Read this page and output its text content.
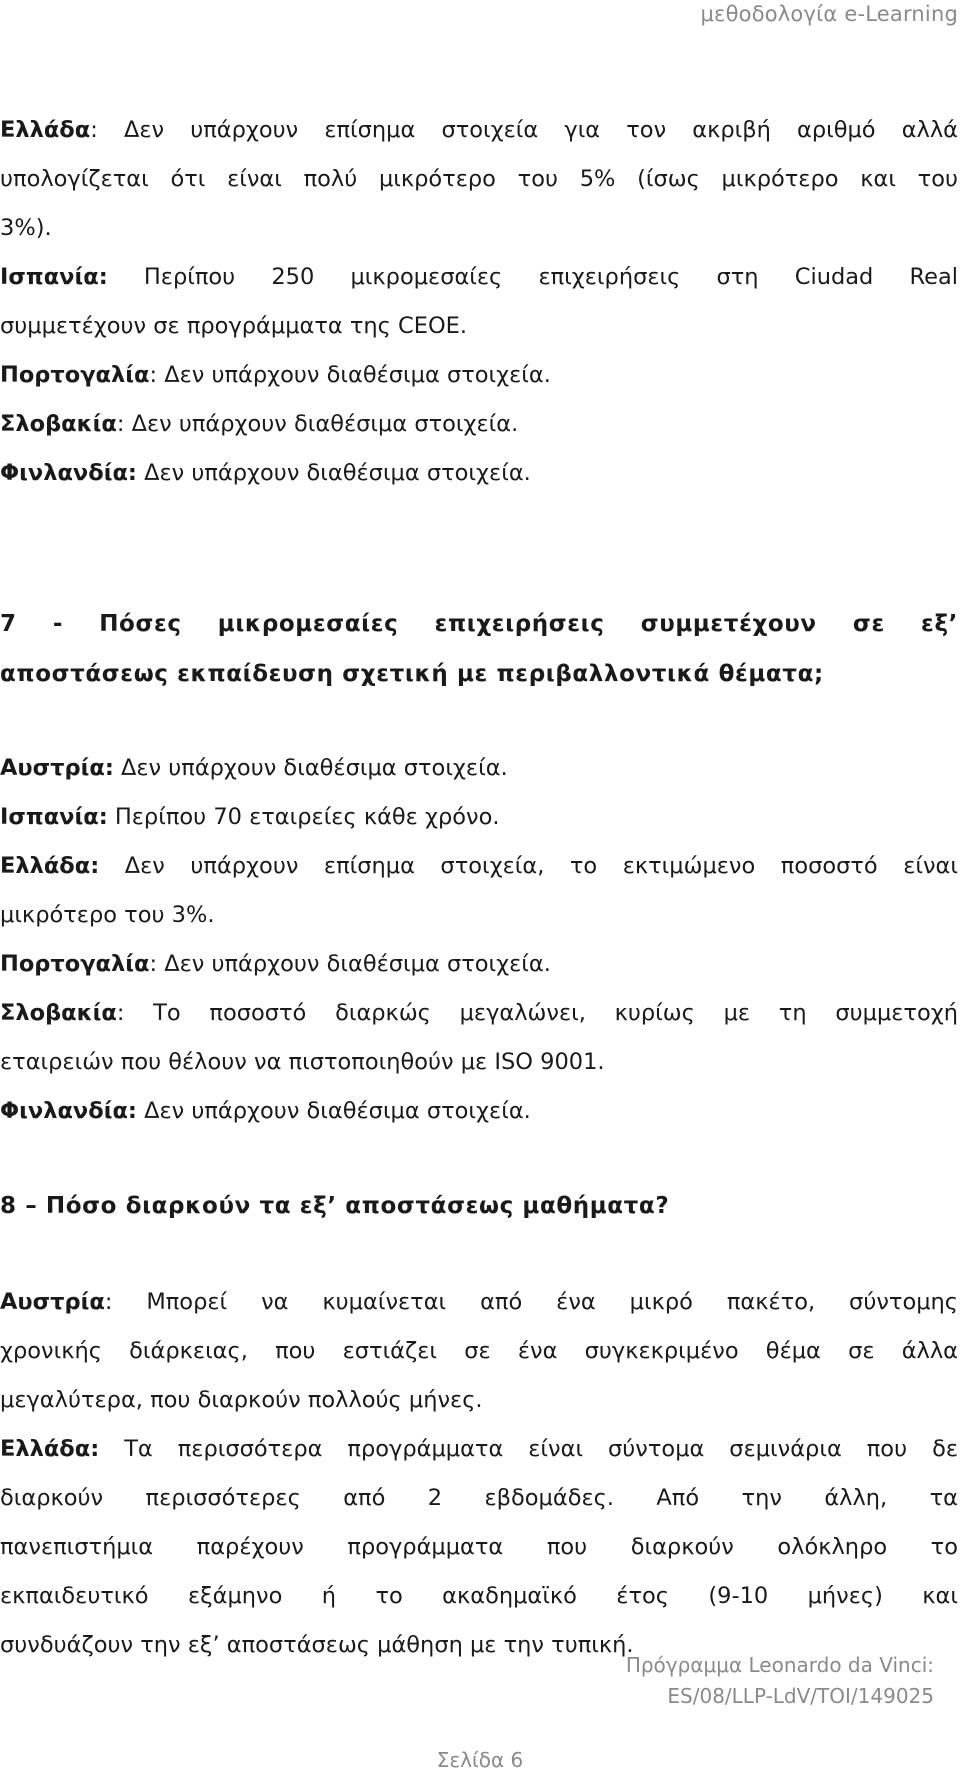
μεθοδολογία e-Learning
Ελλάδα: Δεν υπάρχουν επίσημα στοιχεία για τον ακριβή αριθμό αλλά
υπολογίζεται ότι είναι πολύ μικρότερο του 5% (ίσως μικρότερο και του
3%).
Ισπανία: Περίπου 250 μικρομεσαίες επιχειρήσεις στη Ciudad Real
συμμετέχουν σε προγράμματα της CEOE.
Πορτογαλία: Δεν υπάρχουν διαθέσιμα στοιχεία.
Σλοβακία: Δεν υπάρχουν διαθέσιμα στοιχεία.
Φινλανδία: Δεν υπάρχουν διαθέσιμα στοιχεία.
7 - Πόσες μικρομεσαίες επιχειρήσεις συμμετέχουν σε εξ’
αποστάσεως εκπαίδευση σχετική με περιβαλλοντικά θέματα;
Αυστρία: Δεν υπάρχουν διαθέσιμα στοιχεία.
Ισπανία: Περίπου 70 εταιρείες κάθε χρόνο.
Ελλάδα: Δεν υπάρχουν επίσημα στοιχεία, το εκτιμώμενο ποσοστό είναι
μικρότερο του 3%.
Πορτογαλία: Δεν υπάρχουν διαθέσιμα στοιχεία.
Σλοβακία: Το ποσοστό διαρκώς μεγαλώνει, κυρίως με τη συμμετοχή
εταιρειών που θέλουν να πιστοποιηθούν με ISO 9001.
Φινλανδία: Δεν υπάρχουν διαθέσιμα στοιχεία.
8 – Πόσο διαρκούν τα εξ’ αποστάσεως μαθήματα?
Αυστρία: Μπορεί να κυμαίνεται από ένα μικρό πακέτο, σύντομης
χρονικής διάρκειας, που εστιάζει σε ένα συγκεκριμένο θέμα σε άλλα
μεγαλύτερα, που διαρκούν πολλούς μήνες.
Ελλάδα: Τα περισσότερα προγράμματα είναι σύντομα σεμινάρια που δε
διαρκούν περισσότερες από 2 εβδομάδες. Από την άλλη, τα
πανεπιστήμια παρέχουν προγράμματα που διαρκούν ολόκληρο το
εκπαιδευτικό εξάμηνο ή το ακαδημαϊκό έτος (9-10 μήνες) και
συνδυάζουν την εξ’ αποστάσεως μάθηση με την τυπική.
Πρόγραμμα Leonardo da Vinci:
ES/08/LLP-LdV/TOI/149025
Σελίδα 6
